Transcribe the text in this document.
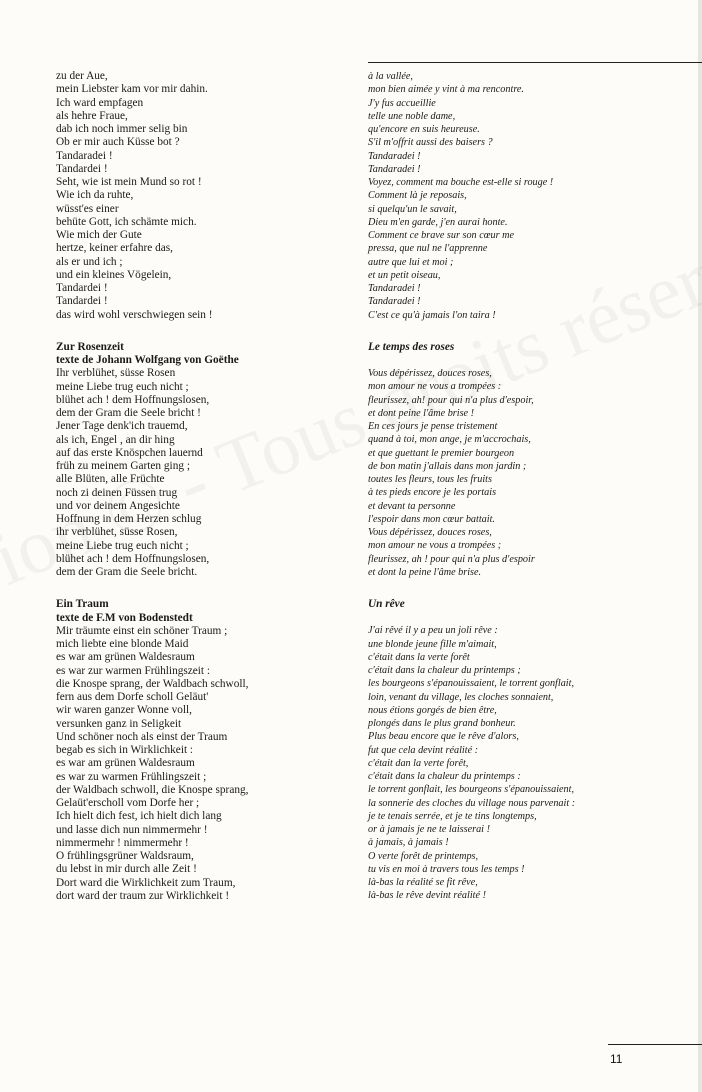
zu der Aue,
mein Liebster kam vor mir dahin.
Ich ward empfagen
als hehre Fraue,
dab ich noch immer selig bin
Ob er mir auch Küsse bot ?
Tandaradei !
Tandardei !
Seht, wie ist mein Mund so rot !
Wie ich da ruhte,
wüsst'es einer
behüte Gott, ich schämte mich.
Wie mich der Gute
hertze, keiner erfahre das,
als er und ich ;
und ein kleines Vögelein,
Tandardei !
Tandardei !
das wird wohl verschwiegen sein !
Zur Rosenzeit
texte de Johann Wolfgang von Goëthe
Ihr verblühet, süsse Rosen
meine Liebe trug euch nicht ;
blühet ach ! dem Hoffnungslosen,
dem der Gram die Seele bricht !
Jener Tage denk'ich trauemd,
als ich, Engel , an dir hing
auf das erste Knöspchen lauernd
früh zu meinem Garten ging ;
alle Blüten, alle Früchte
noch zi deinen Füssen trug
und vor deinem Angesichte
Hoffnung in dem Herzen schlug
ihr verblühet, süsse Rosen,
meine Liebe trug euch nicht ;
blühet ach ! dem Hoffnungslosen,
dem der Gram die Seele bricht.
Ein Traum
texte de F.M von Bodenstedt
Mir träumte einst ein schöner Traum ;
mich liebte eine blonde Maid
es war am grünen Waldesraum
es war zur warmen Frühlingszeit :
die Knospe sprang, der Waldbach schwoll,
fern aus dem Dorfe scholl Geläut'
wir waren ganzer Wonne voll,
versunken ganz in Seligkeit
Und schöner noch als einst der Traum
begab es sich in Wirklichkeit :
es war am grünen Waldesraum
es war zu warmen Frühlingszeit ;
der Waldbach schwoll, die Knospe sprang,
Gelaüt'erscholl vom Dorfe her ;
Ich hielt dich fest, ich hielt dich lang
und lasse dich nun nimmermehr !
nimmermehr ! nimmermehr !
O frühlingsgrüner Waldsraum,
du lebst in mir durch alle Zeit !
Dort ward die Wirklichkeit zum Traum,
dort ward der traum zur Wirklichkeit !
à la vallée,
mon bien aimée y vint à ma rencontre.
J'y fus accueillie
telle une noble dame,
qu'encore en suis heureuse.
S'il m'offrit aussi des baisers ?
Tandaradei !
Tandaradei !
Voyez, comment ma bouche est-elle si rouge !
Comment là je reposais,
si quelqu'un le savait,
Dieu m'en garde, j'en aurai honte.
Comment ce brave sur son cœur me
pressa, que nul ne l'apprenne
autre que lui et moi ;
et un petit oiseau,
Tandaradei !
Tandaradei !
C'est ce qu'à jamais l'on taira !
Le temps des roses
Vous dépérissez, douces roses,
mon amour ne vous a trompées :
fleurissez, ah! pour qui n'a plus d'espoir,
et dont peine l'âme brise !
En ces jours je pense tristement
quand à toi, mon ange, je m'accrochais,
et que guettant le premier bourgeon
de bon matin j'allais dans mon jardin ;
toutes les fleurs, tous les fruits
à tes pieds encore je les portais
et devant ta personne
l'espoir dans mon cœur battait.
Vous dépérissez, douces roses,
mon amour ne vous a trompées ;
fleurissez, ah ! pour qui n'a plus d'espoir
et dont la peine l'âme brise.
Un rêve
J'ai rêvé il y a peu un joli rêve :
une blonde jeune fille m'aimait,
c'était dans la verte forêt
c'était dans la chaleur du printemps ;
les bourgeons s'épanouissaient, le torrent gonflait,
loin, venant du village, les cloches sonnaient,
nous étions gorgés de bien être,
plongés dans le plus grand bonheur.
Plus beau encore que le rêve d'alors,
fut que cela devint réalité :
c'était dan la verte forêt,
c'était dans la chaleur du printemps :
le torrent gonflait, les bourgeons s'épanouissaient,
la sonnerie des cloches du village nous parvenait :
je te tenais serrée, et je te tins longtemps,
or à jamais je ne te laisserai !
à jamais, à jamais !
O verte forêt de printemps,
tu vis en moi à travers tous les temps !
là-bas la réalité se fit rêve,
là-bas le rêve devint réalité !
11
